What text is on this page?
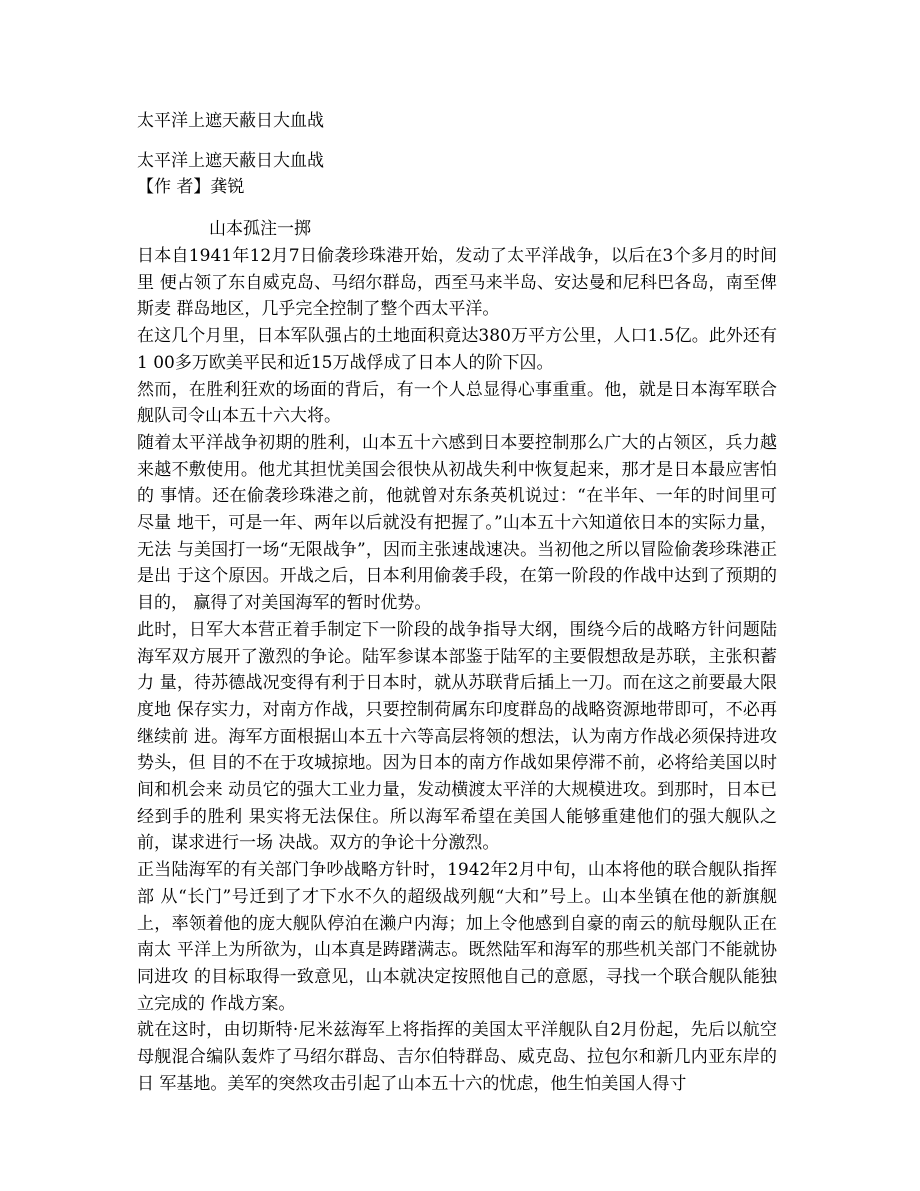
太平洋上遮天蔽日大血战
太平洋上遮天蔽日大血战
【作 者】龚锐
山本孤注一掷

日本自1941年12月7日偷袭珍珠港开始，发动了太平洋战争，以后在3个多月的时间里 便占领了东自威克岛、马绍尔群岛，西至马来半岛、安达曼和尼科巴各岛，南至俾斯麦 群岛地区，几乎完全控制了整个西太平洋。

在这几个月里，日本军队强占的土地面积竟达380万平方公里，人口1.5亿。此外还有1 00多万欧美平民和近15万战俘成了日本人的阶下囚。

然而，在胜利狂欢的场面的背后，有一个人总显得心事重重。他，就是日本海军联合 舰队司令山本五十六大将。

随着太平洋战争初期的胜利，山本五十六感到日本要控制那么广大的占领区，兵力越 来越不敷使用。他尤其担忧美国会很快从初战失利中恢复起来，那才是日本最应害怕的 事情。还在偷袭珍珠港之前，他就曾对东条英机说过：“在半年、一年的时间里可尽量 地干，可是一年、两年以后就没有把握了。”山本五十六知道依日本的实际力量，无法 与美国打一场“无限战争”，因而主张速战速决。当初他之所以冒险偷袭珍珠港正是出 于这个原因。开战之后，日本利用偷袭手段，在第一阶段的作战中达到了预期的目的， 赢得了对美国海军的暂时优势。

此时，日军大本营正着手制定下一阶段的战争指导大纲，围绕今后的战略方针问题陆 海军双方展开了激烈的争论。陆军参谋本部鉴于陆军的主要假想敌是苏联，主张积蓄力 量，待苏德战况变得有利于日本时，就从苏联背后插上一刀。而在这之前要最大限度地 保存实力，对南方作战，只要控制荷属东印度群岛的战略资源地带即可，不必再继续前 进。海军方面根据山本五十六等高层将领的想法，认为南方作战必须保持进攻势头，但 目的不在于攻城掠地。因为日本的南方作战如果停滞不前，必将给美国以时间和机会来 动员它的强大工业力量，发动横渡太平洋的大规模进攻。到那时，日本已经到手的胜利 果实将无法保住。所以海军希望在美国人能够重建他们的强大舰队之前，谋求进行一场 决战。双方的争论十分激烈。

正当陆海军的有关部门争吵战略方针时，1942年2月中旬，山本将他的联合舰队指挥部 从“长门”号迁到了才下水不久的超级战列舰“大和”号上。山本坐镇在他的新旗舰上，率领着他的庞大舰队停泊在濑户内海；加上令他感到自豪的南云的航母舰队正在南太 平洋上为所欲为，山本真是踌躇满志。既然陆军和海军的那些机关部门不能就协同进攻 的目标取得一致意见，山本就决定按照他自己的意愿，寻找一个联合舰队能独立完成的 作战方案。

就在这时，由切斯特·尼米兹海军上将指挥的美国太平洋舰队自2月份起，先后以航空 母舰混合编队轰炸了马绍尔群岛、吉尔伯特群岛、威克岛、拉包尔和新几内亚东岸的日 军基地。美军的突然攻击引起了山本五十六的忧虑，他生怕美国人得寸
